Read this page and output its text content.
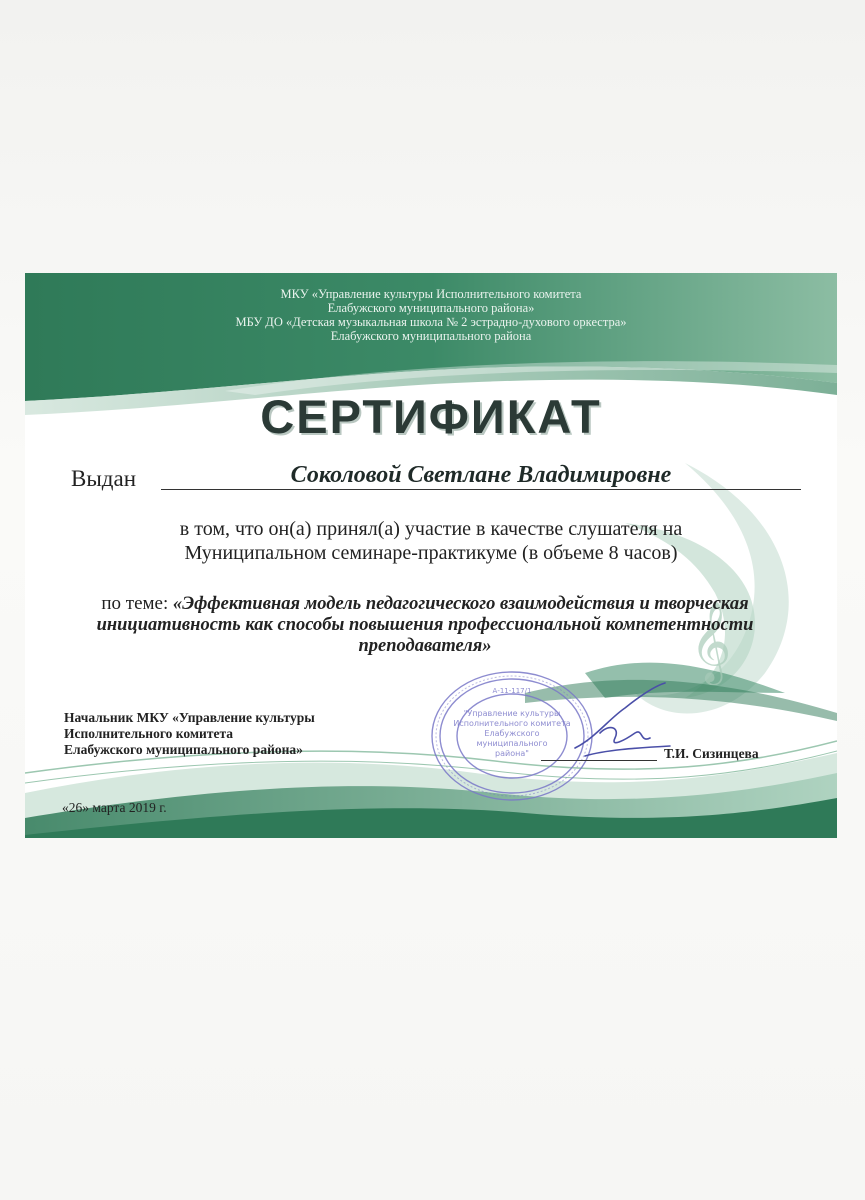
𝄞
МКУ «Управление культуры Исполнительного комитета
Елабужского муниципального района»
МБУ ДО «Детская музыкальная школа № 2 эстрадно-духового оркестра»
Елабужского муниципального района
СЕРТИФИКАТ
Выдан	Соколовой Светлане Владимировне
в том, что он(а) принял(а) участие в качестве слушателя на
Муниципальном семинаре-практикуме (в объеме 8 часов)
по теме: «Эффективная модель педагогического взаимодействия и творческая инициативность как способы повышения профессиональной компетентности преподавателя»
Начальник МКУ «Управление культуры
Исполнительного комитета
Елабужского муниципального района»
А-11-117/1
"Управление культуры
Исполнительного комитета
Елабужского
муниципального
района"	Т.И. Сизинцева
«26» марта 2019 г.
